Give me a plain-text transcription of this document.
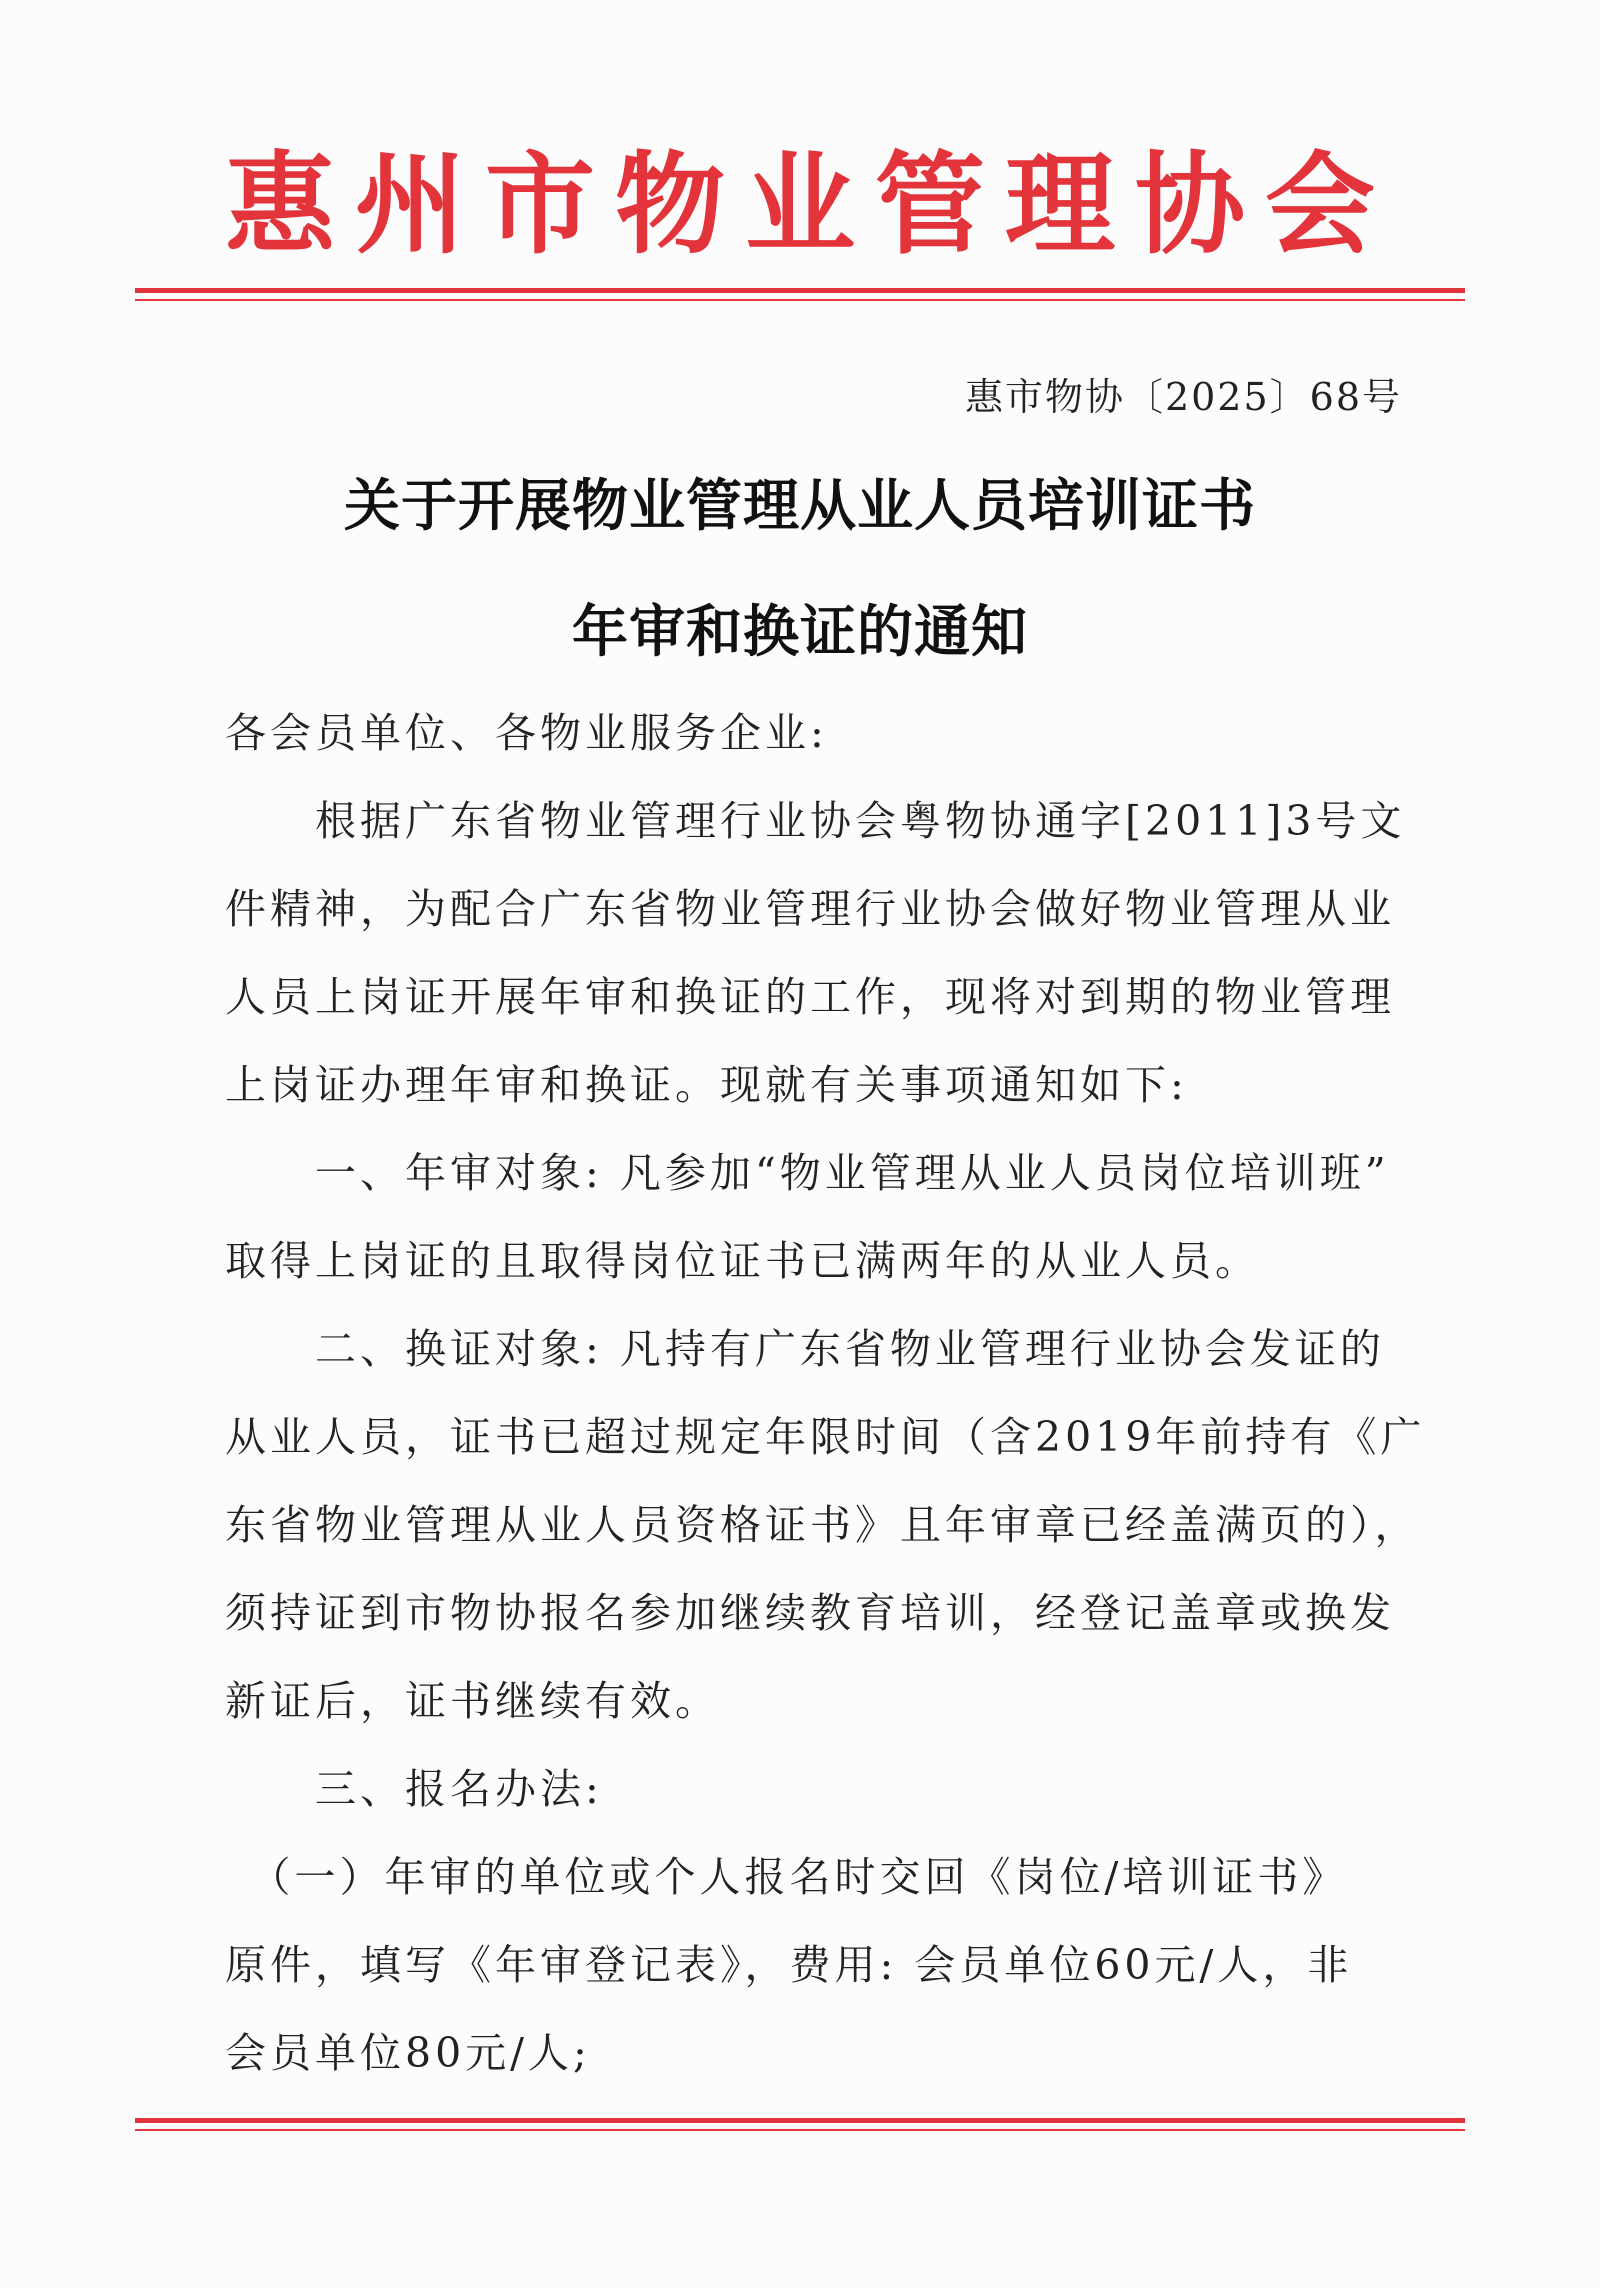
惠 州 市 物 业 管 理 协 会
惠市物协〔2025〕68号
关于开展物业管理从业人员培训证书
年审和换证的通知
各会员单位、各物业服务企业:
　　根据广东省物业管理行业协会粤物协通字[2011]3号文
件精神，为配合广东省物业管理行业协会做好物业管理从业
人员上岗证开展年审和换证的工作，现将对到期的物业管理
上岗证办理年审和换证。现就有关事项通知如下:
　　一、年审对象: 凡参加“物业管理从业人员岗位培训班”
取得上岗证的且取得岗位证书已满两年的从业人员。
　　二、换证对象: 凡持有广东省物业管理行业协会发证的
从业人员，证书已超过规定年限时间（含2019年前持有《广
东省物业管理从业人员资格证书》且年审章已经盖满页的），
须持证到市物协报名参加继续教育培训，经登记盖章或换发
新证后，证书继续有效。
　　三、报名办法:
　（一）年审的单位或个人报名时交回《岗位/培训证书》
原件，填写《年审登记表》，费用: 会员单位60元/人，非
会员单位80元/人;
